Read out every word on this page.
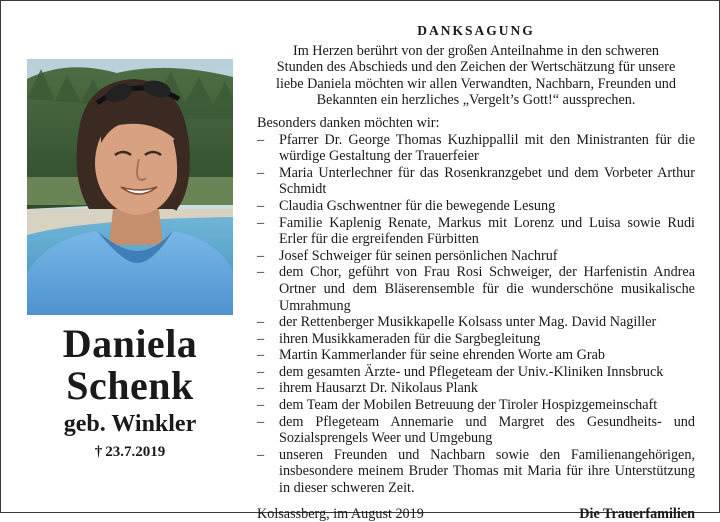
Daniela
Schenk
geb. Winkler
† 23.7.2019
DANKSAGUNG
Im Herzen berührt von der großen Anteilnahme in den schweren
Stunden des Abschieds und den Zeichen der Wertschätzung für unsere
liebe Daniela möchten wir allen Verwandten, Nachbarn, Freunden und
Bekannten ein herzliches „Vergelt’s Gott!“ aussprechen.
Besonders danken möchten wir:
– Pfarrer Dr. George Thomas Kuzhippallil mit den Ministranten für die würdige Gestaltung der Trauerfeier
– Maria Unterlechner für das Rosenkranzgebet und dem Vorbeter Arthur Schmidt
– Claudia Gschwentner für die bewegende Lesung
– Familie Kaplenig Renate, Markus mit Lorenz und Luisa sowie Rudi Erler für die ergreifenden Fürbitten
– Josef Schweiger für seinen persönlichen Nachruf
– dem Chor, geführt von Frau Rosi Schweiger, der Harfenistin Andrea Ortner und dem Bläserensemble für die wunderschöne musikalische Umrahmung
– der Rettenberger Musikkapelle Kolsass unter Mag. David Nagiller
– ihren Musikkameraden für die Sargbegleitung
– Martin Kammerlander für seine ehrenden Worte am Grab
– dem gesamten Ärzte- und Pflegeteam der Univ.-Kliniken Innsbruck
– ihrem Hausarzt Dr. Nikolaus Plank
– dem Team der Mobilen Betreuung der Tiroler Hospizgemeinschaft
– dem Pflegeteam Annemarie und Margret des Gesundheits- und Sozialsprengels Weer und Umgebung
– unseren Freunden und Nachbarn sowie den Familienangehörigen, insbesondere meinem Bruder Thomas mit Maria für ihre Unterstützung in dieser schweren Zeit.
Kolsassberg, im August 2019	Die Trauerfamilien
